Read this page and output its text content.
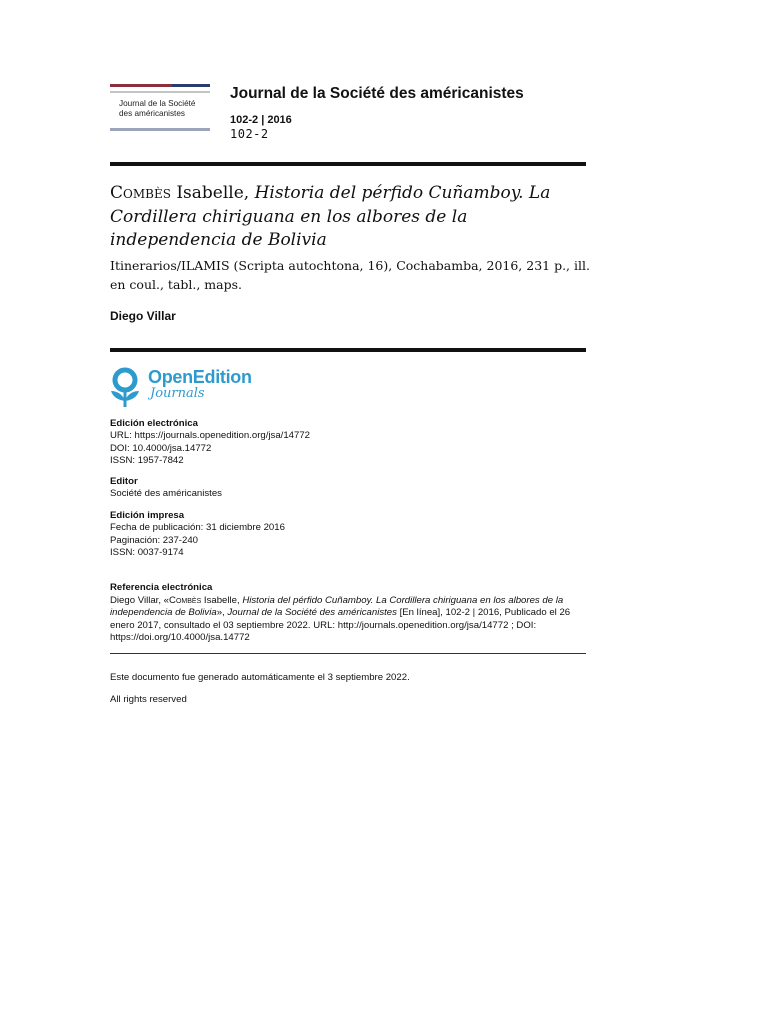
Journal de la Société des américanistes
Journal de la Société des américanistes
102-2 | 2016
102-2
Combès Isabelle, Historia del pérfido Cuñamboy. La Cordillera chiriguana en los albores de la independencia de Bolivia
Itinerarios/ILAMIS (Scripta autochtona, 16), Cochabamba, 2016, 231 p., ill. en coul., tabl., maps.
Diego Villar
OpenEdition
Journals
Edición electrónica
URL: https://journals.openedition.org/jsa/14772
DOI: 10.4000/jsa.14772
ISSN: 1957-7842
Editor
Société des américanistes
Edición impresa
Fecha de publicación: 31 diciembre 2016
Paginación: 237-240
ISSN: 0037-9174
Referencia electrónica
Diego Villar, «Combès Isabelle, Historia del pérfido Cuñamboy. La Cordillera chiriguana en los albores de la independencia de Bolivia», Journal de la Société des américanistes [En línea], 102-2 | 2016, Publicado el 26 enero 2017, consultado el 03 septiembre 2022. URL: http://journals.openedition.org/jsa/14772 ; DOI: https://doi.org/10.4000/jsa.14772
Este documento fue generado automáticamente el 3 septiembre 2022.
All rights reserved
